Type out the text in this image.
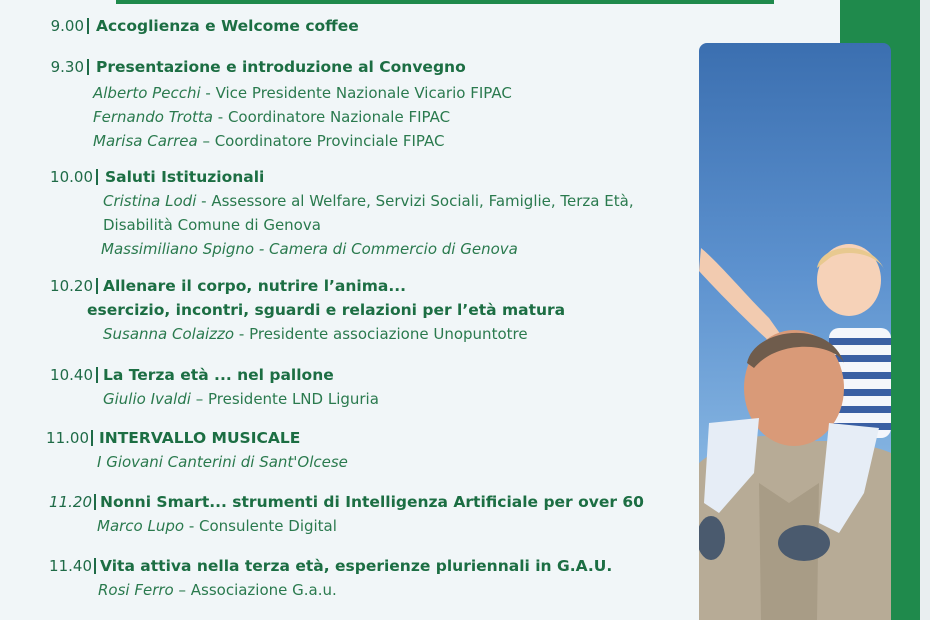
9.00 Accoglienza e Welcome coffee
9.30 Presentazione e introduzione al Convegno
Alberto Pecchi - Vice Presidente Nazionale Vicario FIPAC
Fernando Trotta - Coordinatore Nazionale FIPAC
Marisa Carrea – Coordinatore Provinciale FIPAC
10.00 Saluti Istituzionali
Cristina Lodi - Assessore al Welfare, Servizi Sociali, Famiglie, Terza Età,
Disabilità Comune di Genova
Massimiliano Spigno - Camera di Commercio di Genova
10.20 Allenare il corpo, nutrire l’anima...
esercizio, incontri, sguardi e relazioni per l’età matura
Susanna Colaizzo - Presidente associazione Unopuntotre
10.40 La Terza età ... nel pallone
Giulio Ivaldi – Presidente LND Liguria
11.00 INTERVALLO MUSICALE
I Giovani Canterini di Sant'Olcese
11.20 Nonni Smart... strumenti di Intelligenza Artificiale per over 60
Marco Lupo - Consulente Digital
11.40 Vita attiva nella terza età, esperienze pluriennali in G.A.U.
Rosi Ferro – Associazione G.a.u.
